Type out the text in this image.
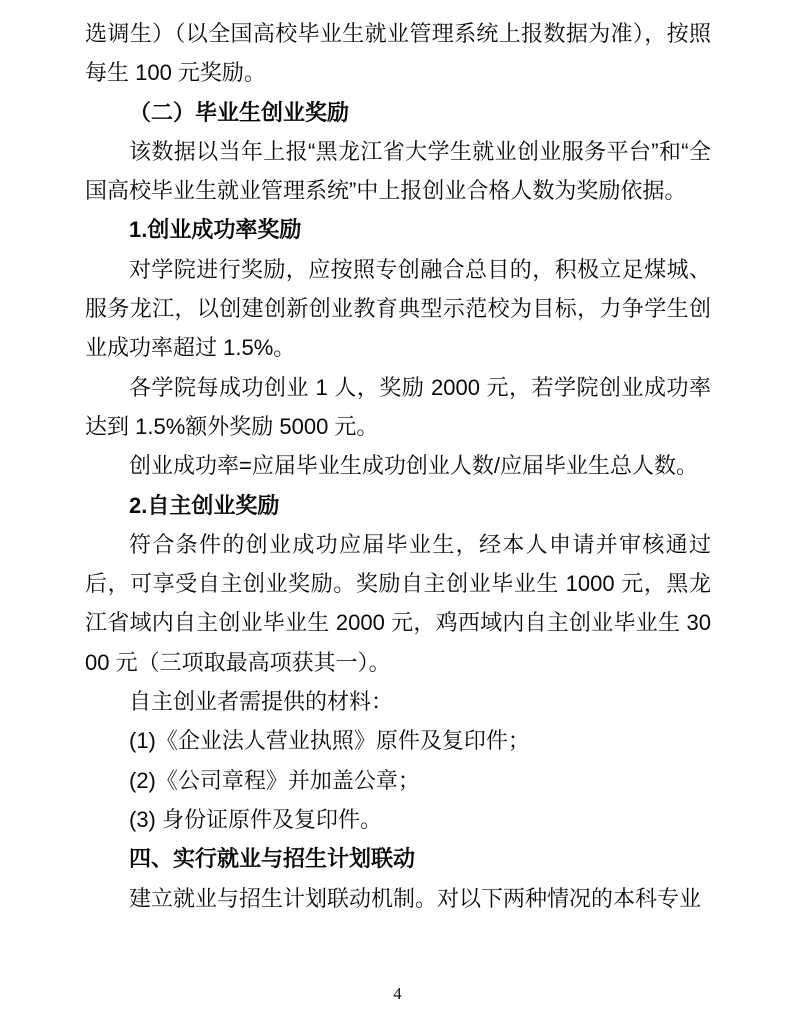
选调生）（以全国高校毕业生就业管理系统上报数据为准），按照每生 100 元奖励。

（二）毕业生创业奖励

该数据以当年上报“黑龙江省大学生就业创业服务平台”和“全国高校毕业生就业管理系统”中上报创业合格人数为奖励依据。

1.创业成功率奖励

对学院进行奖励，应按照专创融合总目的，积极立足煤城、服务龙江，以创建创新创业教育典型示范校为目标，力争学生创业成功率超过 1.5%。

各学院每成功创业 1 人，奖励 2000 元，若学院创业成功率达到 1.5%额外奖励 5000 元。

创业成功率=应届毕业生成功创业人数/应届毕业生总人数。

2.自主创业奖励

符合条件的创业成功应届毕业生，经本人申请并审核通过后，可享受自主创业奖励。奖励自主创业毕业生 1000 元，黑龙江省域内自主创业毕业生 2000 元，鸡西域内自主创业毕业生 3000 元（三项取最高项获其一）。

自主创业者需提供的材料：

(1)《企业法人营业执照》原件及复印件；

(2)《公司章程》并加盖公章；

(3) 身份证原件及复印件。

四、实行就业与招生计划联动

建立就业与招生计划联动机制。对以下两种情况的本科专业

4
